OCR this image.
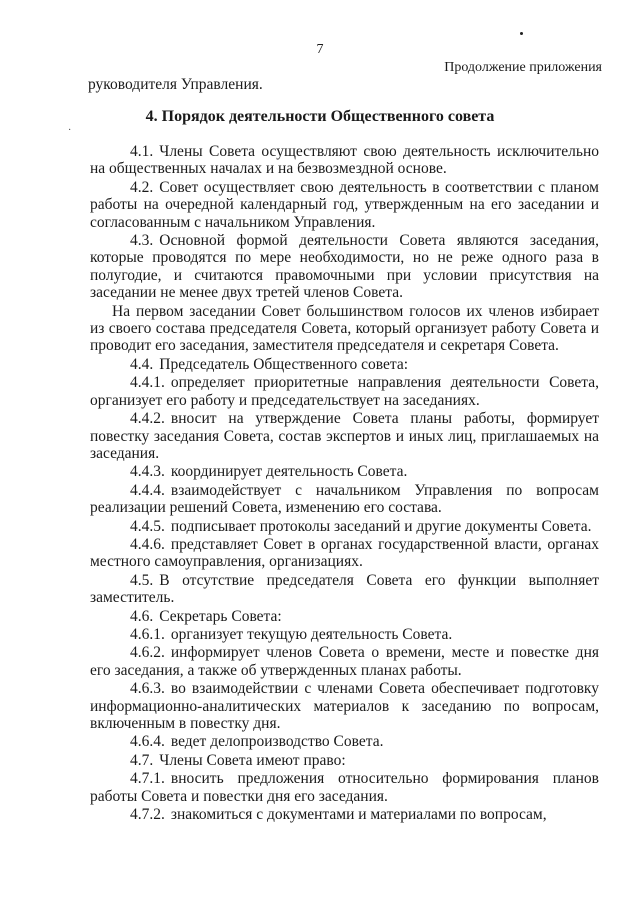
7
Продолжение приложения
·
руководителя Управления.
4. Порядок деятельности Общественного совета

4.1. Члены Совета осуществляют свою деятельность исключительно на общественных началах и на безвозмездной основе.

4.2. Совет осуществляет свою деятельность в соответствии с планом работы на очередной календарный год, утвержденным на его заседании и согласованным с начальником Управления.

4.3. Основной формой деятельности Совета являются заседания, которые проводятся по мере необходимости, но не реже одного раза в полугодие, и считаются правомочными при условии присутствия на заседании не менее двух третей членов Совета.

На первом заседании Совет большинством голосов их членов избирает из своего состава председателя Совета, который организует работу Совета и проводит его заседания, заместителя председателя и секретаря Совета.

4.4. Председатель Общественного совета:

4.4.1. определяет приоритетные направления деятельности Совета, организует его работу и председательствует на заседаниях.

4.4.2. вносит на утверждение Совета планы работы, формирует повестку заседания Совета, состав экспертов и иных лиц, приглашаемых на заседания.

4.4.3. координирует деятельность Совета.

4.4.4. взаимодействует с начальником Управления по вопросам реализации решений Совета, изменению его состава.

4.4.5. подписывает протоколы заседаний и другие документы Совета.

4.4.6. представляет Совет в органах государственной власти, органах местного самоуправления, организациях.

4.5. В отсутствие председателя Совета его функции выполняет заместитель.

4.6. Секретарь Совета:

4.6.1. организует текущую деятельность Совета.

4.6.2. информирует членов Совета о времени, месте и повестке дня его заседания, а также об утвержденных планах работы.

4.6.3. во взаимодействии с членами Совета обеспечивает подготовку информационно-аналитических материалов к заседанию по вопросам, включенным в повестку дня.

4.6.4. ведет делопроизводство Совета.

4.7. Члены Совета имеют право:

4.7.1. вносить предложения относительно формирования планов работы Совета и повестки дня его заседания.

4.7.2. знакомиться с документами и материалами по вопросам,
